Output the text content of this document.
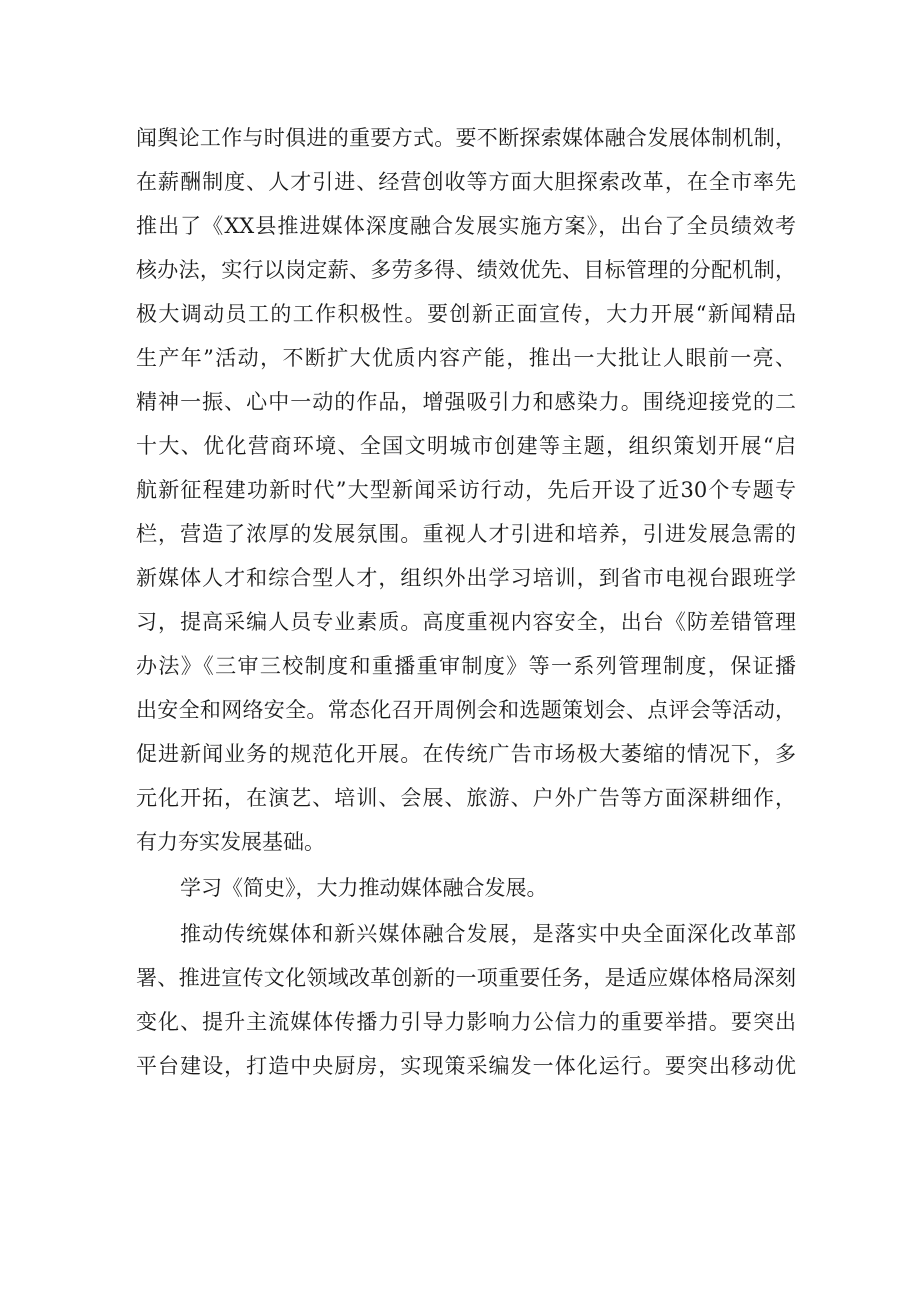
闻舆论工作与时俱进的重要方式。要不断探索媒体融合发展体制机制，
在薪酬制度、人才引进、经营创收等方面大胆探索改革，在全市率先
推出了《XX县推进媒体深度融合发展实施方案》，出台了全员绩效考
核办法，实行以岗定薪、多劳多得、绩效优先、目标管理的分配机制，
极大调动员工的工作积极性。要创新正面宣传，大力开展“新闻精品
生产年”活动，不断扩大优质内容产能，推出一大批让人眼前一亮、
精神一振、心中一动的作品，增强吸引力和感染力。围绕迎接党的二
十大、优化营商环境、全国文明城市创建等主题，组织策划开展“启
航新征程建功新时代”大型新闻采访行动，先后开设了近30个专题专
栏，营造了浓厚的发展氛围。重视人才引进和培养，引进发展急需的
新媒体人才和综合型人才，组织外出学习培训，到省市电视台跟班学
习，提高采编人员专业素质。高度重视内容安全，出台《防差错管理
办法》《三审三校制度和重播重审制度》等一系列管理制度，保证播
出安全和网络安全。常态化召开周例会和选题策划会、点评会等活动，
促进新闻业务的规范化开展。在传统广告市场极大萎缩的情况下，多
元化开拓，在演艺、培训、会展、旅游、户外广告等方面深耕细作，
有力夯实发展基础。
学习《简史》，大力推动媒体融合发展。
推动传统媒体和新兴媒体融合发展，是落实中央全面深化改革部
署、推进宣传文化领域改革创新的一项重要任务，是适应媒体格局深刻
变化、提升主流媒体传播力引导力影响力公信力的重要举措。要突出
平台建设，打造中央厨房，实现策采编发一体化运行。要突出移动优
